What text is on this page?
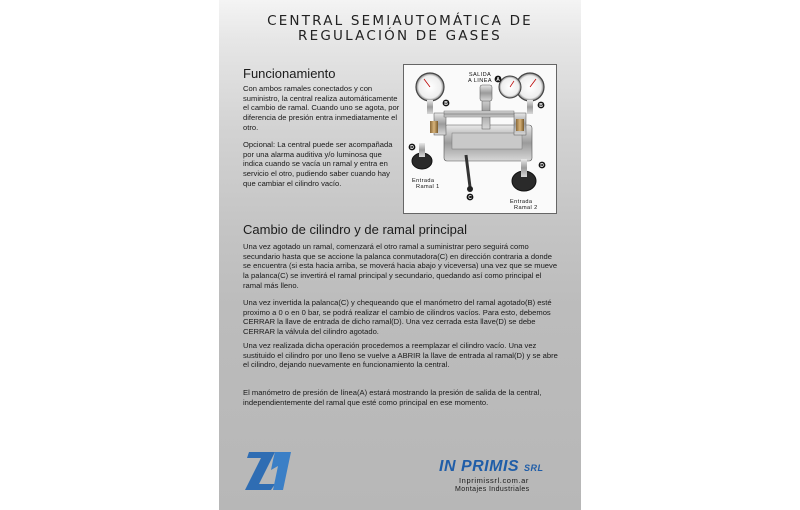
CENTRAL SEMIAUTOMÁTICA DE
REGULACIÓN DE GASES
Funcionamiento

Con ambos ramales conectados y con suministro, la central realiza automáticamente el cambio de ramal. Cuando uno se agota, por diferencia de presión entra inmediatamente el otro.

Opcional: La central puede ser acompañada por una alarma auditiva y/o luminosa que indica cuando se vacía un ramal y entra en servicio el otro, pudiendo saber cuando hay que cambiar el cilindro vacío.

SALIDA
A LINEA
Entrada
Ramal 1
Entrada
Ramal 2
A
B	B
C
D
D
Cambio de cilindro y de ramal principal

Una vez agotado un ramal, comenzará el otro ramal a suministrar pero seguirá como secundario hasta que se accione la palanca conmutadora(C) en dirección contraria a donde se encuentra (si esta hacia arriba, se moverá hacia abajo y viceversa) una vez que se mueve la palanca(C) se invertirá el ramal principal y secundario, quedando así como principal el ramal más lleno.

Una vez invertida la palanca(C) y chequeando que el manómetro del ramal agotado(B) esté proximo a 0 o en 0 bar, se podrá realizar el cambio de cilindros vacíos. Para esto, debemos CERRAR la llave de entrada de dicho ramal(D). Una vez cerrada esta llave(D) se debe CERRAR la válvula del cilindro agotado.

Una vez realizada dicha operación procedemos a reemplazar el cilindro vacío. Una vez sustituido el cilindro por uno lleno se vuelve a ABRIR la llave de entrada al ramal(D) y se abre el cilindro, dejando nuevamente en funcionamiento la central.

El manómetro de presión de línea(A) estará mostrando la presión de salida de la central, independientemente del ramal que esté como principal en ese momento.

IN PRIMIS SRL
Inprimissrl.com.ar
Montajes Industriales
